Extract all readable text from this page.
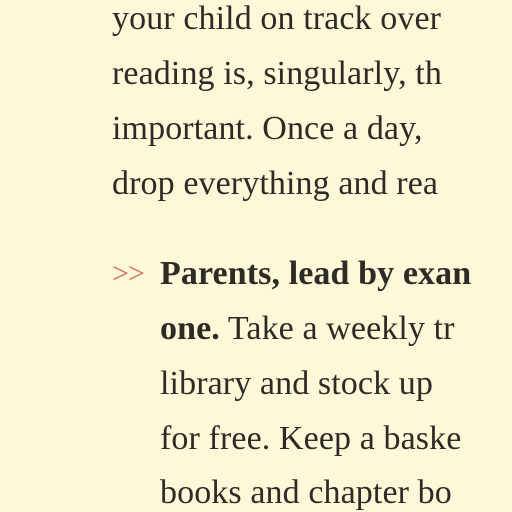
your child on track over
reading is, singularly, th
important. Once a day,
drop everything and rea
>> Parents, lead by exan
one. Take a weekly tr
library and stock up
for free. Keep a baske
books and chapter bo
